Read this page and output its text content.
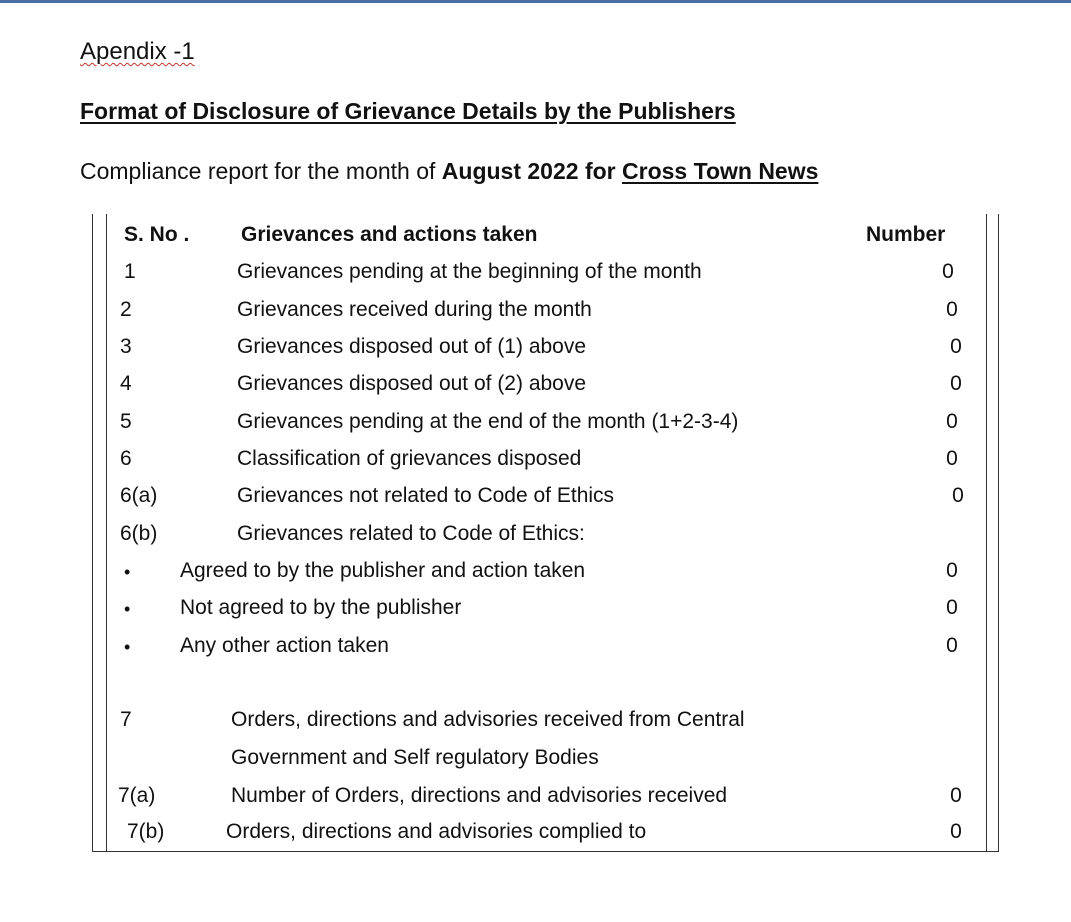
Apendix -1
Format of Disclosure of Grievance Details by the Publishers
Compliance report for the month of August 2022 for Cross Town News
S. No . Grievances and actions taken	Number
1	Grievances pending at the beginning of the month	0
2	Grievances received during the month	0
3	Grievances disposed out of (1) above	0
4	Grievances disposed out of (2) above	0
5	Grievances pending at the end of the month (1+2-3-4)	0
6	Classification of grievances disposed	0
6(a)	Grievances not related to Code of Ethics	0
6(b)	Grievances related to Code of Ethics:
• Agreed to by the publisher and action taken	0
• Not agreed to by the publisher	0
• Any other action taken	0
7	Orders, directions and advisories received from Central
Government and Self regulatory Bodies
7(a)	Number of Orders, directions and advisories received	0
7(b)	Orders, directions and advisories complied to	0
